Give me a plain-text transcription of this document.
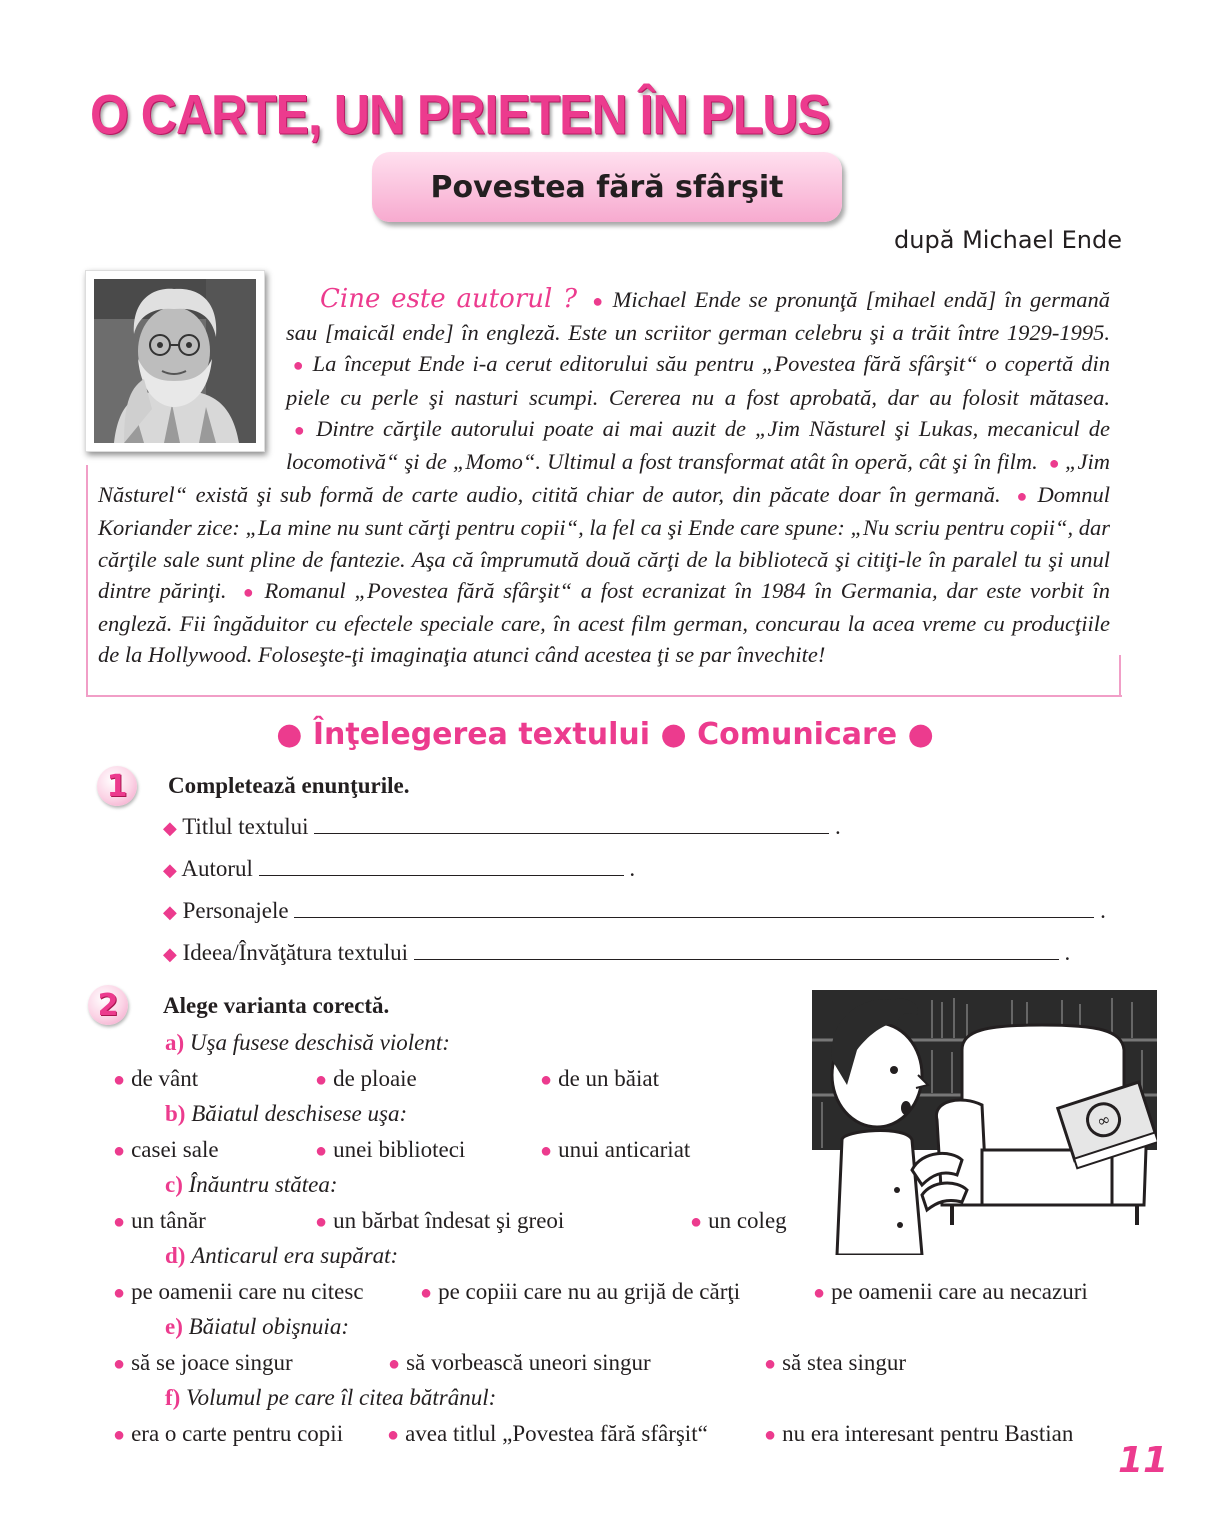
O CARTE, UN PRIETEN ÎN PLUS
Povestea fără sfârşit
după Michael Ende
Cine este autorul ?  ● Michael Ende se pronunţă [mihael endă] în germană sau [maicăl ende] în engleză. Este un scriitor german celebru şi a trăit între 1929-1995.  ● La început Ende i-a cerut editorului său pentru „Povestea fără sfârşit“ o copertă din piele cu perle şi nasturi scumpi. Cererea nu a fost aprobată, dar au folosit mătasea.  ● Dintre cărţile autorului poate ai mai auzit de „Jim Năsturel şi Lukas, mecanicul de locomotivă“ şi de „Momo“. Ultimul a fost transformat atât în operă, cât şi în film.  ● „Jim Năsturel“ există şi sub formă de carte audio, citită chiar de autor, din păcate doar în germană.  ● Domnul Koriander zice: „La mine nu sunt cărţi pentru copii“, la fel ca şi Ende care spune: „Nu scriu pentru copii“, dar cărţile sale sunt pline de fantezie. Aşa că împrumută două cărţi de la bibliotecă şi citiţi-le în paralel tu şi unul dintre părinţi.  ● Romanul „Povestea fără sfârşit“ a fost ecranizat în 1984 în Germania, dar este vorbit în engleză. Fii îngăduitor cu efectele speciale care, în acest film german, concurau la acea vreme cu producţiile de la Hollywood. Foloseşte-ţi imaginaţia atunci când acestea ţi se par învechite!
● Înţelegerea textului ● Comunicare ●
1 Completează enunţurile.
◆ Titlul textului	.
◆ Autorul	.
◆ Personajele	.
◆ Ideea/Învăţătura textului	.
2 Alege varianta corectă.
a) Uşa fusese deschisă violent:
● de vânt	● de ploaie	● de un băiat
b) Băiatul deschisese uşa:
● casei sale	● unei biblioteci	● unui anticariat
c) Înăuntru stătea:
● un tânăr	● un bărbat îndesat şi greoi	● un coleg
d) Anticarul era supărat:
● pe oamenii care nu citesc	● pe copiii care nu au grijă de cărţi	● pe oamenii care au necazuri
e) Băiatul obişnuia:
● să se joace singur	● să vorbească uneori singur	● să stea singur
f) Volumul pe care îl citea bătrânul:
● era o carte pentru copii ● avea titlul „Povestea fără sfârşit“	● nu era interesant pentru Bastian
∞
11
